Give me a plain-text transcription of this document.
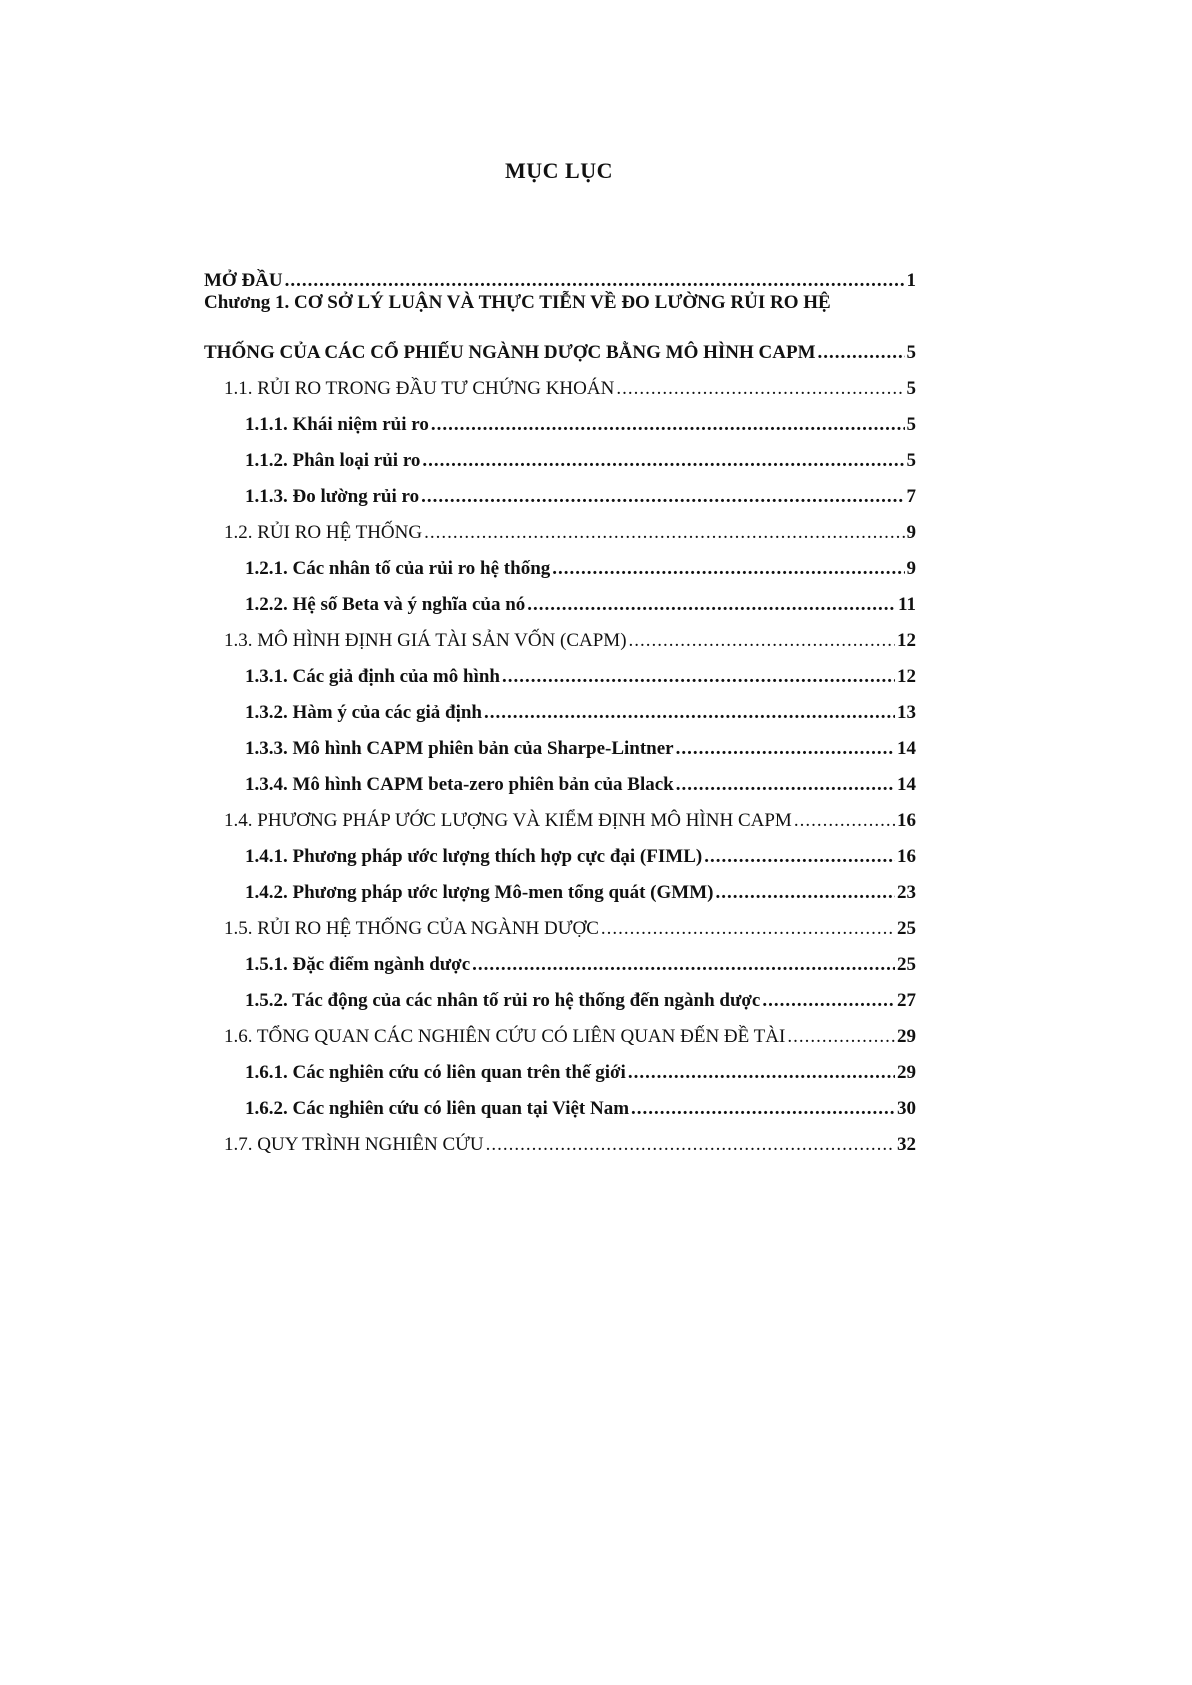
MỤC LỤC
MỞ ĐẦU .....	1
Chương 1. CƠ SỞ LÝ LUẬN VÀ THỰC TIỄN VỀ ĐO LƯỜNG RỦI RO HỆ
THỐNG CỦA CÁC CỔ PHIẾU NGÀNH DƯỢC BẰNG MÔ HÌNH CAPM .....	5
1.1. RỦI RO TRONG ĐẦU TƯ CHỨNG KHOÁN .....	5
1.1.1. Khái niệm rủi ro .....	5
1.1.2. Phân loại rủi ro .....	5
1.1.3. Đo lường rủi ro .....	7
1.2. RỦI RO HỆ THỐNG .....	9
1.2.1. Các nhân tố của rủi ro hệ thống .....	9
1.2.2. Hệ số Beta và ý nghĩa của nó .....	11
1.3. MÔ HÌNH ĐỊNH GIÁ TÀI SẢN VỐN (CAPM) .....	12
1.3.1. Các giả định của mô hình .....	12
1.3.2. Hàm ý của các giả định .....	13
1.3.3. Mô hình CAPM phiên bản của Sharpe-Lintner .....	14
1.3.4. Mô hình CAPM beta-zero phiên bản của Black .....	14
1.4. PHƯƠNG PHÁP ƯỚC LƯỢNG VÀ KIỂM ĐỊNH MÔ HÌNH CAPM .....	16
1.4.1. Phương pháp ước lượng thích hợp cực đại (FIML) .....	16
1.4.2. Phương pháp ước lượng Mô-men tổng quát (GMM) .....	23
1.5. RỦI RO HỆ THỐNG CỦA NGÀNH DƯỢC .....	25
1.5.1. Đặc điểm ngành dược .....	25
1.5.2. Tác động của các nhân tố rủi ro hệ thống đến ngành dược .....	27
1.6. TỔNG QUAN CÁC NGHIÊN CỨU CÓ LIÊN QUAN ĐẾN ĐỀ TÀI .....	29
1.6.1. Các nghiên cứu có liên quan trên thế giới .....	29
1.6.2. Các nghiên cứu có liên quan tại Việt Nam .....	30
1.7. QUY TRÌNH NGHIÊN CỨU .....	32
